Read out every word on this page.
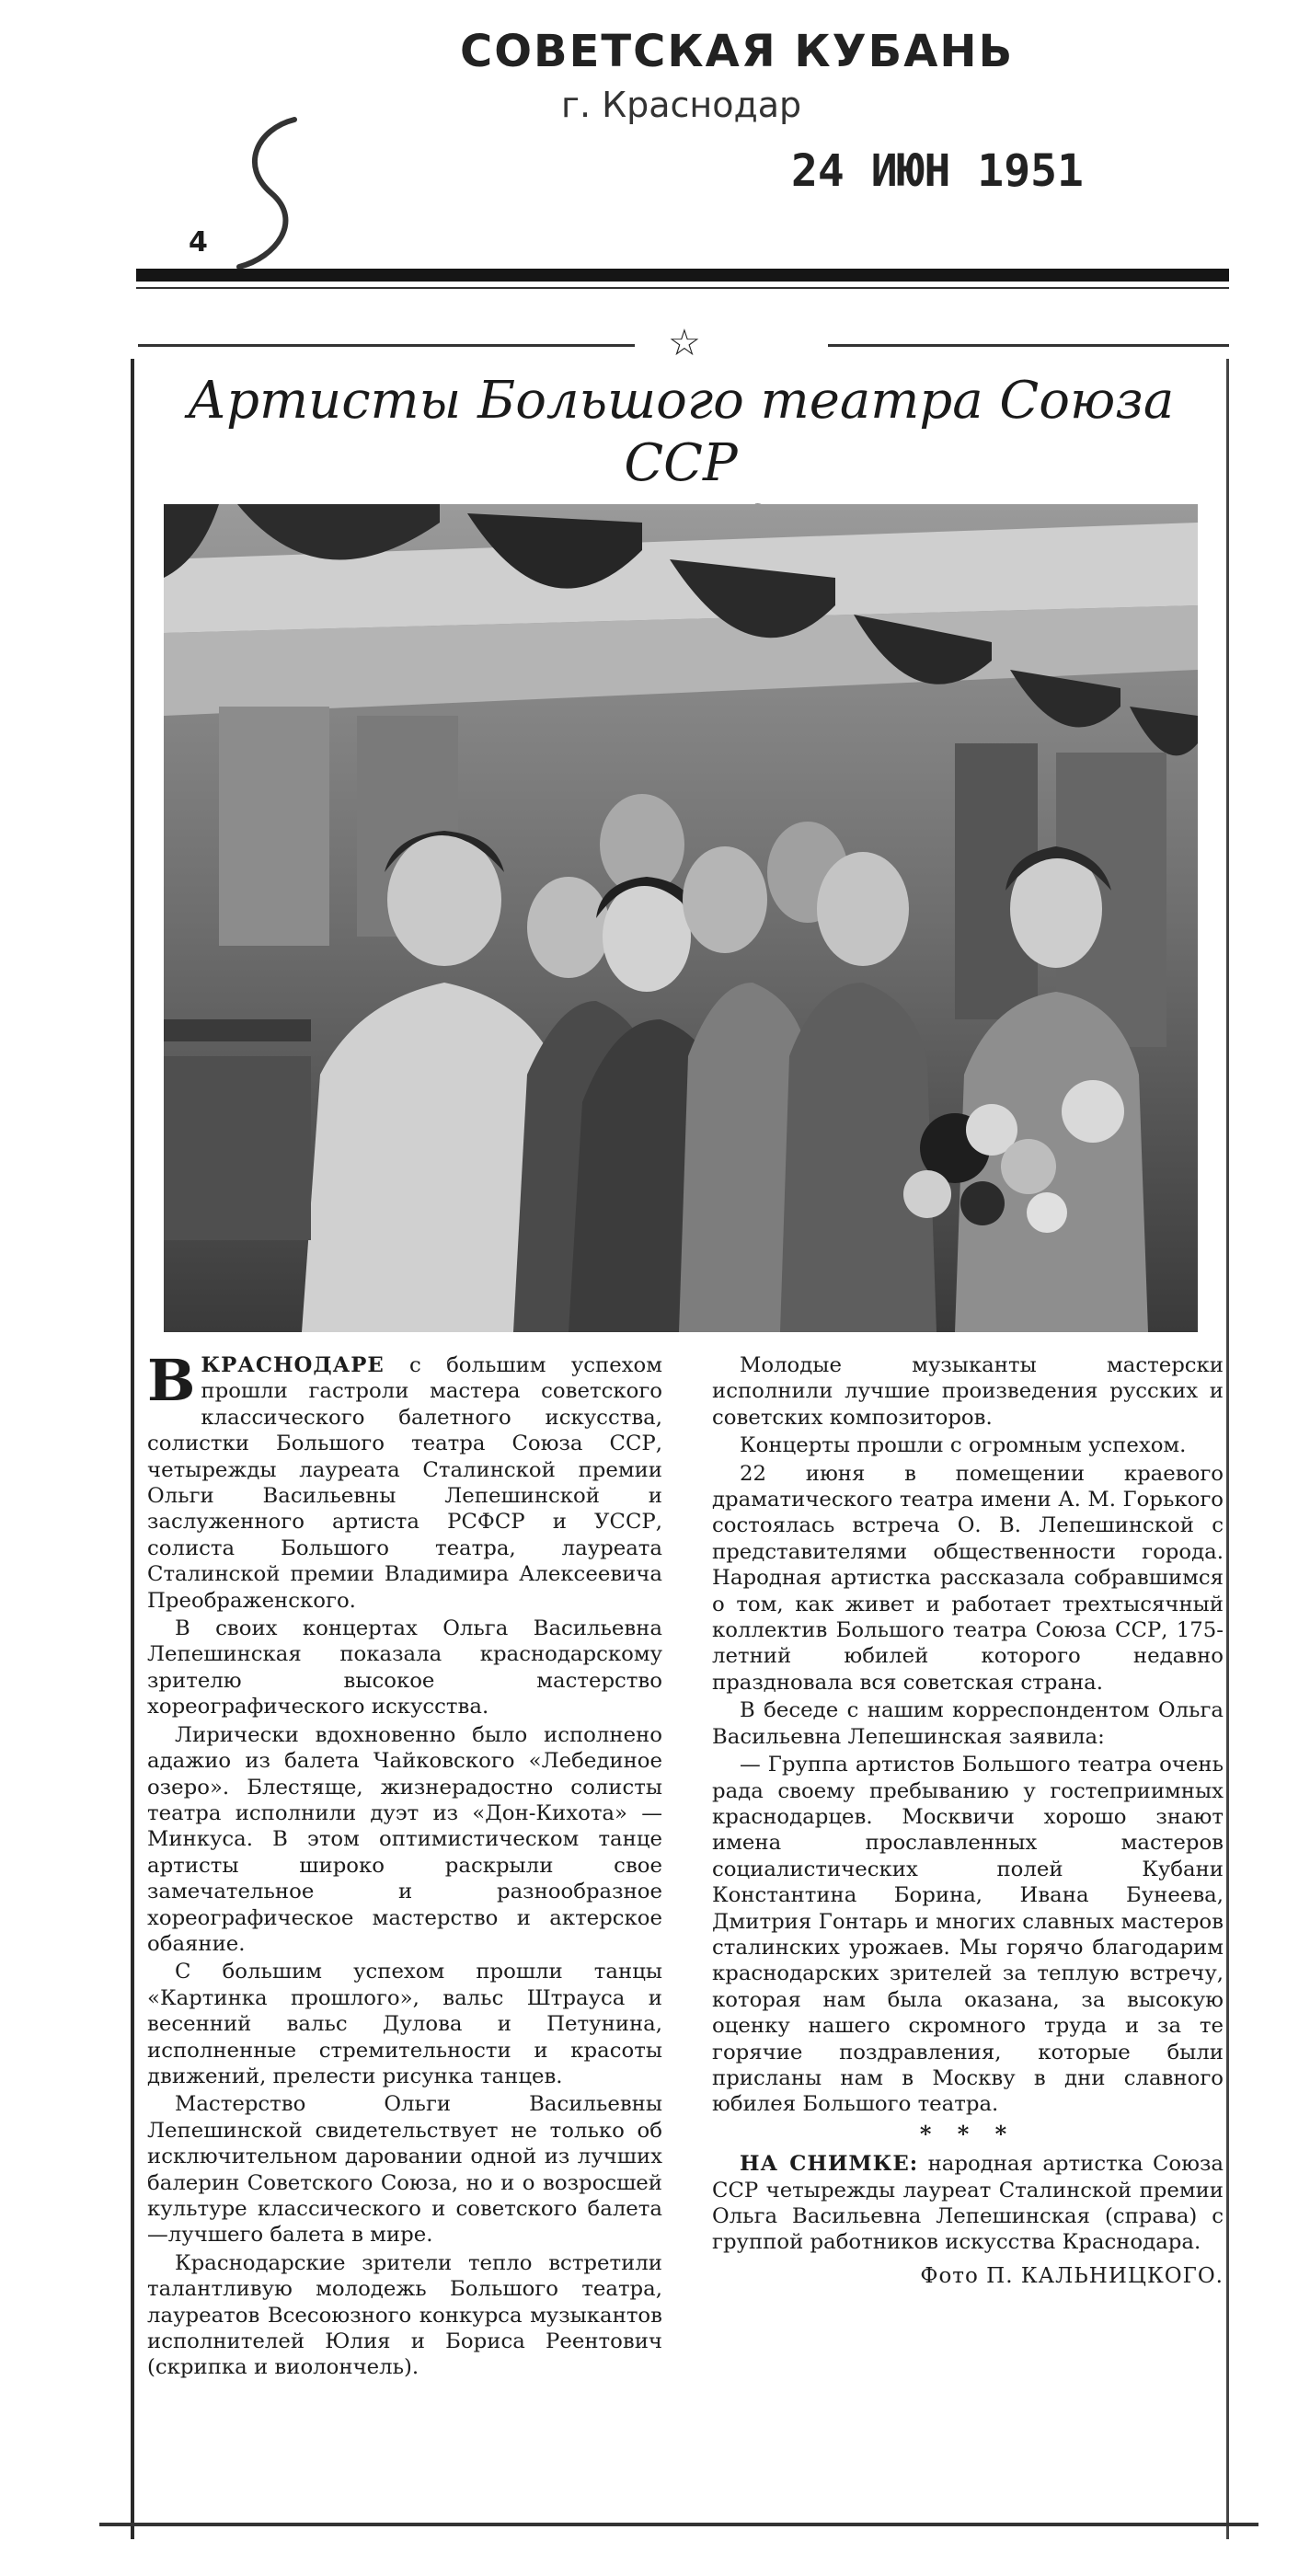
СОВЕТСКАЯ КУБАНЬ
г. Краснодар
24 ИЮН 1951
4
☆
Артисты Большого театра Союза ССР

ВКРАСНОДАРЕ с большим успехом прошли гастроли мастера советского классического балетного искусства, солистки Большого театра Союза ССР, четырежды лауреата Сталинской премии Ольги Васильевны Лепешинской и заслуженного артиста РСФСР и УССР, солиста Большого театра, лауреата Сталинской премии Владимира Алексеевича Преображенского.

В своих концертах Ольга Васильевна Лепешинская показала краснодарскому зрителю высокое мастерство хореографического искусства.

Лирически вдохновенно было исполнено адажио из балета Чайковского «Лебединое озеро». Блестяще, жизнерадостно солисты театра исполнили дуэт из «Дон-Кихота» — Минкуса. В этом оптимистическом танце артисты широко раскрыли свое замечательное и разнообразное хореографическое мастерство и актерское обаяние.

С большим успехом прошли танцы «Картинка прошлого», вальс Штрауса и весенний вальс Дулова и Петунина, исполненные стремительности и красоты движений, прелести рисунка танцев.

Мастерство Ольги Васильевны Лепешинской свидетельствует не только об исключительном даровании одной из лучших балерин Советского Союза, но и о возросшей культуре классического и советского балета—лучшего балета в мире.

Краснодарские зрители тепло встретили талантливую молодежь Большого театра, лауреатов Всесоюзного конкурса музыкантов исполнителей Юлия и Бориса Реентович (скрипка и виолончель).

Молодые музыканты мастерски исполнили лучшие произведения русских и советских композиторов.

Концерты прошли с огромным успехом.

22 июня в помещении краевого драматического театра имени А. М. Горького состоялась встреча О. В. Лепешинской с представителями общественности города. Народная артистка рассказала собравшимся о том, как живет и работает трехтысячный коллектив Большого театра Союза ССР, 175-летний юбилей которого недавно праздновала вся советская страна.

В беседе с нашим корреспондентом Ольга Васильевна Лепешинская заявила:

— Группа артистов Большого театра очень рада своему пребыванию у гостеприимных краснодарцев. Москвичи хорошо знают имена прославленных мастеров социалистических полей Кубани Константина Борина, Ивана Бунеева, Дмитрия Гонтарь и многих славных мастеров сталинских урожаев. Мы горячо благодарим краснодарских зрителей за теплую встречу, которая нам была оказана, за высокую оценку нашего скромного труда и за те горячие поздравления, которые были присланы нам в Москву в дни славного юбилея Большого театра.

* * *

НА СНИМКЕ: народная артистка Союза ССР четырежды лауреат Сталинской премии Ольга Васильевна Лепешинская (справа) с группой работников искусства Краснодара.

Фото П. КАЛЬНИЦКОГО.
